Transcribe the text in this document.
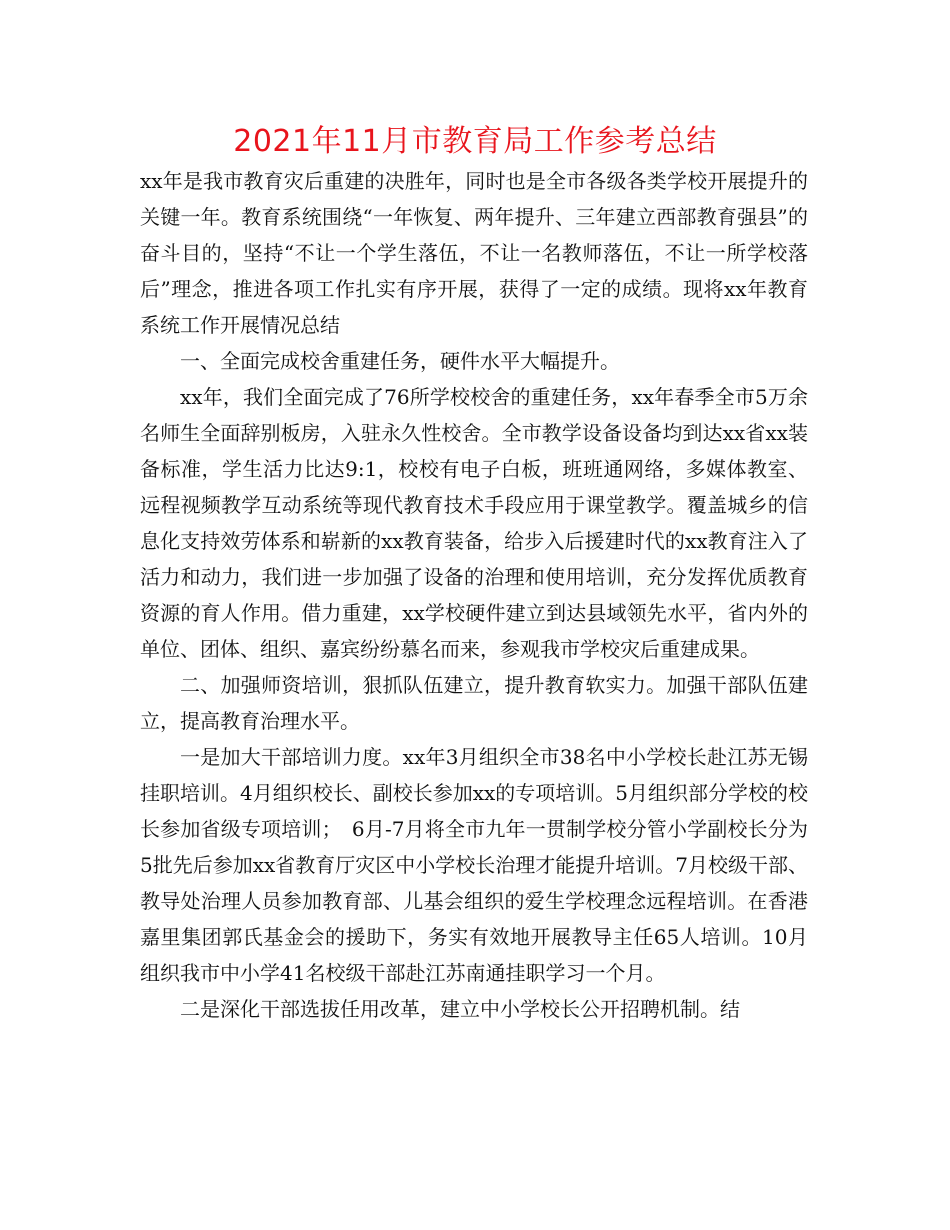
2021年11月市教育局工作参考总结

xx年是我市教育灾后重建的决胜年，同时也是全市各级各类学校开展提升的关键一年。教育系统围绕“一年恢复、两年提升、三年建立西部教育强县”的奋斗目的，坚持“不让一个学生落伍，不让一名教师落伍，不让一所学校落后”理念，推进各项工作扎实有序开展，获得了一定的成绩。现将xx年教育系统工作开展情况总结

一、全面完成校舍重建任务，硬件水平大幅提升。

xx年，我们全面完成了76所学校校舍的重建任务，xx年春季全市5万余名师生全面辞别板房，入驻永久性校舍。全市教学设备设备均到达xx省xx装备标准，学生活力比达9:1，校校有电子白板，班班通网络，多媒体教室、远程视频教学互动系统等现代教育技术手段应用于课堂教学。覆盖城乡的信息化支持效劳体系和崭新的xx教育装备，给步入后援建时代的xx教育注入了活力和动力，我们进一步加强了设备的治理和使用培训，充分发挥优质教育资源的育人作用。借力重建，xx学校硬件建立到达县域领先水平，省内外的单位、团体、组织、嘉宾纷纷慕名而来，参观我市学校灾后重建成果。

二、加强师资培训，狠抓队伍建立，提升教育软实力。加强干部队伍建立，提高教育治理水平。

一是加大干部培训力度。xx年3月组织全市38名中小学校长赴江苏无锡挂职培训。4月组织校长、副校长参加xx的专项培训。5月组织部分学校的校长参加省级专项培训；　6月-7月将全市九年一贯制学校分管小学副校长分为5批先后参加xx省教育厅灾区中小学校长治理才能提升培训。7月校级干部、教导处治理人员参加教育部、儿基会组织的爱生学校理念远程培训。在香港嘉里集团郭氏基金会的援助下，务实有效地开展教导主任65人培训。10月组织我市中小学41名校级干部赴江苏南通挂职学习一个月。

二是深化干部选拔任用改革，建立中小学校长公开招聘机制。结
